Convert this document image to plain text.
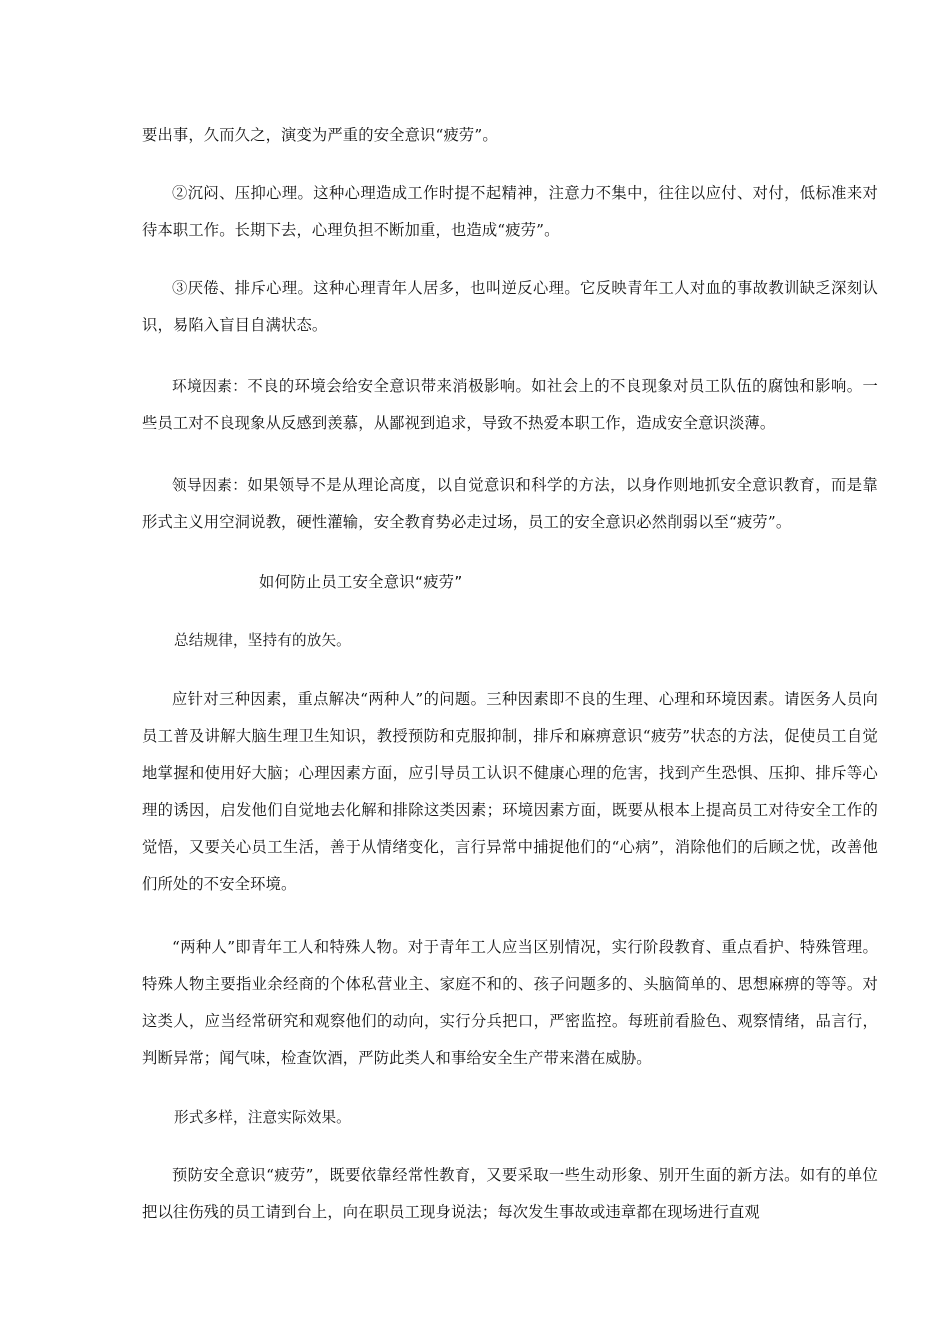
要出事，久而久之，演变为严重的安全意识“疲劳”。

②沉闷、压抑心理。这种心理造成工作时提不起精神，注意力不集中，往往以应付、对付，低标准来对待本职工作。长期下去，心理负担不断加重，也造成“疲劳”。

③厌倦、排斥心理。这种心理青年人居多，也叫逆反心理。它反映青年工人对血的事故教训缺乏深刻认识，易陷入盲目自满状态。

环境因素：不良的环境会给安全意识带来消极影响。如社会上的不良现象对员工队伍的腐蚀和影响。一些员工对不良现象从反感到羡慕，从鄙视到追求，导致不热爱本职工作，造成安全意识淡薄。

领导因素：如果领导不是从理论高度，以自觉意识和科学的方法，以身作则地抓安全意识教育，而是靠形式主义用空洞说教，硬性灌输，安全教育势必走过场，员工的安全意识必然削弱以至“疲劳”。

如何防止员工安全意识“疲劳”

总结规律，坚持有的放矢。

应针对三种因素，重点解决“两种人”的问题。三种因素即不良的生理、心理和环境因素。请医务人员向员工普及讲解大脑生理卫生知识，教授预防和克服抑制，排斥和麻痹意识“疲劳”状态的方法，促使员工自觉地掌握和使用好大脑；心理因素方面，应引导员工认识不健康心理的危害，找到产生恐惧、压抑、排斥等心理的诱因，启发他们自觉地去化解和排除这类因素；环境因素方面，既要从根本上提高员工对待安全工作的觉悟，又要关心员工生活，善于从情绪变化，言行异常中捕捉他们的“心病”，消除他们的后顾之忧，改善他们所处的不安全环境。

“两种人”即青年工人和特殊人物。对于青年工人应当区别情况，实行阶段教育、重点看护、特殊管理。特殊人物主要指业余经商的个体私营业主、家庭不和的、孩子问题多的、头脑简单的、思想麻痹的等等。对这类人，应当经常研究和观察他们的动向，实行分兵把口，严密监控。每班前看脸色、观察情绪，品言行，判断异常；闻气味，检查饮酒，严防此类人和事给安全生产带来潜在威胁。

形式多样，注意实际效果。

预防安全意识“疲劳”，既要依靠经常性教育，又要采取一些生动形象、别开生面的新方法。如有的单位把以往伤残的员工请到台上，向在职员工现身说法；每次发生事故或违章都在现场进行直观
